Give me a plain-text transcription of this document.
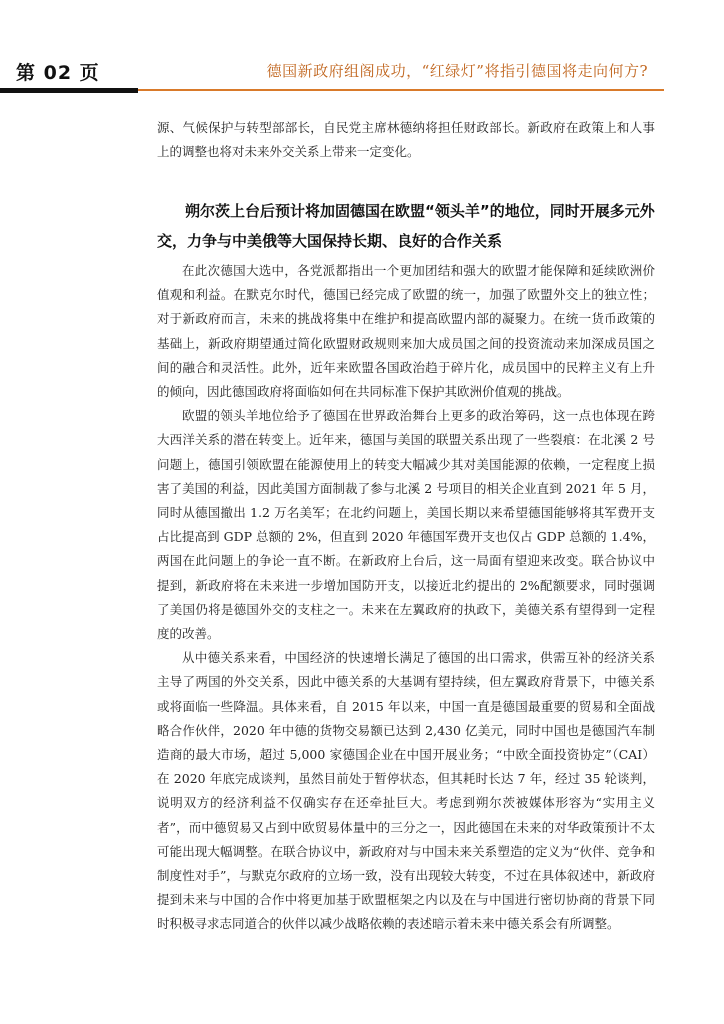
第 02 页	德国新政府组阁成功，“红绿灯”将指引德国将走向何方?

源、气候保护与转型部部长，自民党主席林德纳将担任财政部长。新政府在政策上和人事上的调整也将对未来外交关系上带来一定变化。

朔尔茨上台后预计将加固德国在欧盟“领头羊”的地位，同时开展多元外交，力争与中美俄等大国保持长期、良好的合作关系

在此次德国大选中，各党派都指出一个更加团结和强大的欧盟才能保障和延续欧洲价值观和利益。在默克尔时代，德国已经完成了欧盟的统一，加强了欧盟外交上的独立性；对于新政府而言，未来的挑战将集中在维护和提高欧盟内部的凝聚力。在统一货币政策的基础上，新政府期望通过简化欧盟财政规则来加大成员国之间的投资流动来加深成员国之间的融合和灵活性。此外，近年来欧盟各国政治趋于碎片化，成员国中的民粹主义有上升的倾向，因此德国政府将面临如何在共同标准下保护其欧洲价值观的挑战。

欧盟的领头羊地位给予了德国在世界政治舞台上更多的政治筹码，这一点也体现在跨大西洋关系的潜在转变上。近年来，德国与美国的联盟关系出现了一些裂痕：在北溪 2 号问题上，德国引领欧盟在能源使用上的转变大幅减少其对美国能源的依赖，一定程度上损害了美国的利益，因此美国方面制裁了参与北溪 2 号项目的相关企业直到 2021 年 5 月，同时从德国撤出 1.2 万名美军；在北约问题上，美国长期以来希望德国能够将其军费开支占比提高到 GDP 总额的 2%，但直到 2020 年德国军费开支也仅占 GDP 总额的 1.4%，两国在此问题上的争论一直不断。在新政府上台后，这一局面有望迎来改变。联合协议中提到，新政府将在未来进一步增加国防开支，以接近北约提出的 2%配额要求，同时强调了美国仍将是德国外交的支柱之一。未来在左翼政府的执政下，美德关系有望得到一定程度的改善。

从中德关系来看，中国经济的快速增长满足了德国的出口需求，供需互补的经济关系主导了两国的外交关系，因此中德关系的大基调有望持续，但左翼政府背景下，中德关系或将面临一些降温。具体来看，自 2015 年以来，中国一直是德国最重要的贸易和全面战略合作伙伴，2020 年中德的货物交易额已达到 2,430 亿美元，同时中国也是德国汽车制造商的最大市场，超过 5,000 家德国企业在中国开展业务；“中欧全面投资协定”（CAI）在 2020 年底完成谈判，虽然目前处于暂停状态，但其耗时长达 7 年，经过 35 轮谈判，说明双方的经济利益不仅确实存在还牵扯巨大。考虑到朔尔茨被媒体形容为“实用主义者”，而中德贸易又占到中欧贸易体量中的三分之一，因此德国在未来的对华政策预计不太可能出现大幅调整。在联合协议中，新政府对与中国未来关系塑造的定义为“伙伴、竞争和制度性对手”，与默克尔政府的立场一致，没有出现较大转变，不过在具体叙述中，新政府提到未来与中国的合作中将更加基于欧盟框架之内以及在与中国进行密切协商的背景下同时积极寻求志同道合的伙伴以减少战略依赖的表述暗示着未来中德关系会有所调整。
